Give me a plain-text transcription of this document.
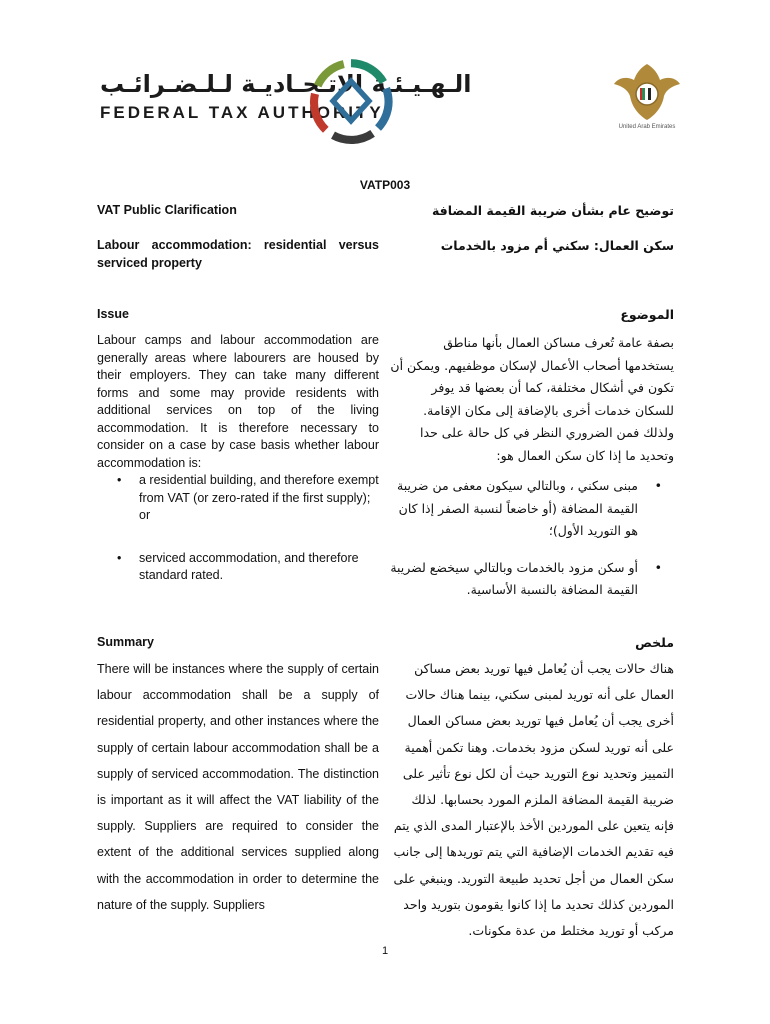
الـهـيـئـة الاتـحـاديـة لـلـضـرائـب
FEDERAL TAX AUTHORITY
United Arab Emirates
VATP003
VAT Public Clarification	توضيح عام بشأن ضريبة القيمة المضافة
Labour accommodation: residential versus serviced property
سكن العمال: سكني أم مزود بالخدمات
Issue	الموضوع
Labour camps and labour accommodation are generally areas where labourers are housed by their employers. They can take many different forms and some may provide residents with additional services on top of the living accommodation. It is therefore necessary to consider on a case by case basis whether labour accommodation is:
• a residential building, and therefore exempt from VAT (or zero-rated if the first supply); or
• serviced accommodation, and therefore standard rated.
بصفة عامة تُعرف مساكن العمال بأنها مناطق يستخدمها أصحاب الأعمال لإسكان موظفيهم. ويمكن أن تكون في أشكال مختلفة، كما أن بعضها قد يوفر للسكان خدمات أخرى بالإضافة إلى مكان الإقامة. ولذلك فمن الضروري النظر في كل حالة على حدا وتحديد ما إذا كان سكن العمال هو:
• مبنى سكني ، وبالتالي سيكون معفى من ضريبة القيمة المضافة (أو خاضعاً لنسبة الصفر إذا كان هو التوريد الأول)؛
• أو سكن مزود بالخدمات وبالتالي سيخضع لضريبة القيمة المضافة بالنسبة الأساسية.
Summary	ملخص
There will be instances where the supply of certain labour accommodation shall be a supply of residential property, and other instances where the supply of certain labour accommodation shall be a supply of serviced accommodation. The distinction is important as it will affect the VAT liability of the supply. Suppliers are required to consider the extent of the additional services supplied along with the accommodation in order to determine the nature of the supply. Suppliers
هناك حالات يجب أن يُعامل فيها توريد بعض مساكن العمال على أنه توريد لمبنى سكني، بينما هناك حالات أخرى يجب أن يُعامل فيها توريد بعض مساكن العمال على أنه توريد لسكن مزود بخدمات. وهنا تكمن أهمية التمييز وتحديد نوع التوريد حيث أن لكل نوع تأثير على ضريبة القيمة المضافة الملزم المورد بحسابها. لذلك فإنه يتعين على الموردين الأخذ بالإعتبار المدى الذي يتم فيه تقديم الخدمات الإضافية التي يتم توريدها إلى جانب سكن العمال من أجل تحديد طبيعة التوريد. وينبغي على الموردين كذلك تحديد ما إذا كانوا يقومون بتوريد واحد مركب أو توريد مختلط من عدة مكونات.
1
